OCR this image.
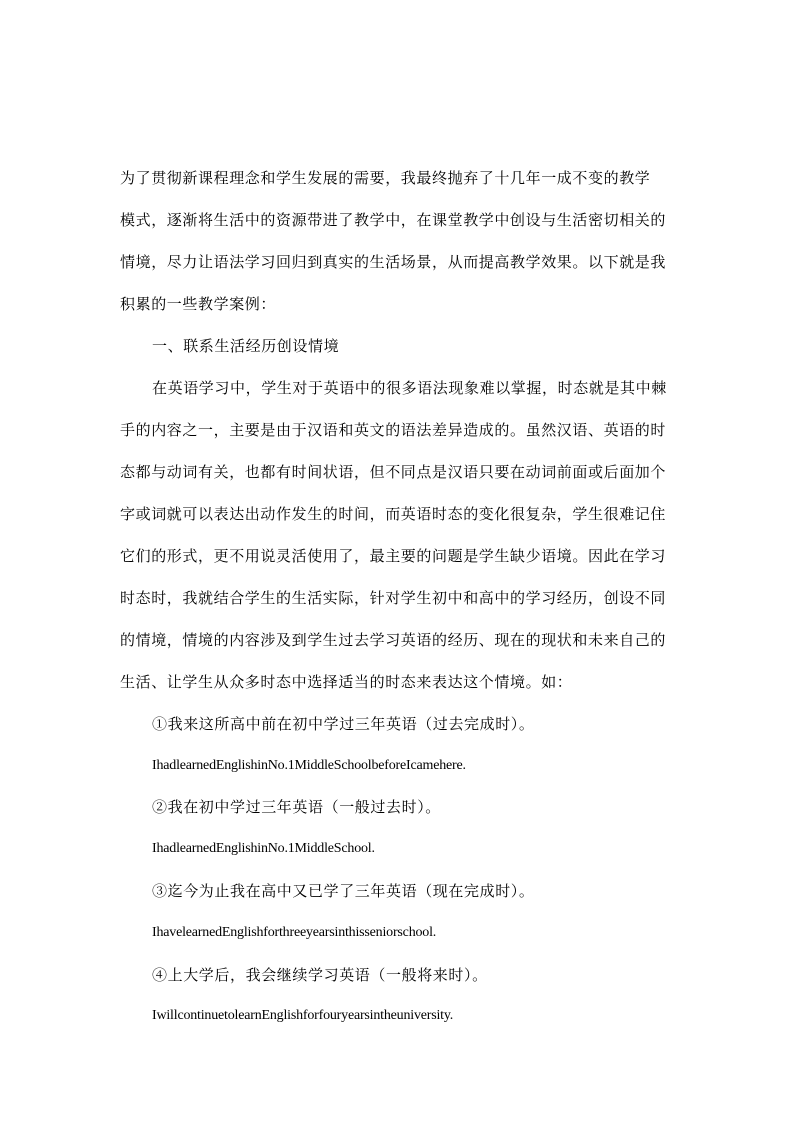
为了贯彻新课程理念和学生发展的需要，我最终抛弃了十几年一成不变的教学
模式，逐渐将生活中的资源带进了教学中，在课堂教学中创设与生活密切相关的
情境，尽力让语法学习回归到真实的生活场景，从而提高教学效果。以下就是我
积累的一些教学案例：
一、联系生活经历创设情境
在英语学习中，学生对于英语中的很多语法现象难以掌握，时态就是其中棘
手的内容之一，主要是由于汉语和英文的语法差异造成的。虽然汉语、英语的时
态都与动词有关，也都有时间状语，但不同点是汉语只要在动词前面或后面加个
字或词就可以表达出动作发生的时间，而英语时态的变化很复杂，学生很难记住
它们的形式，更不用说灵活使用了，最主要的问题是学生缺少语境。因此在学习
时态时，我就结合学生的生活实际，针对学生初中和高中的学习经历，创设不同
的情境，情境的内容涉及到学生过去学习英语的经历、现在的现状和未来自己的
生活、让学生从众多时态中选择适当的时态来表达这个情境。如：
①我来这所高中前在初中学过三年英语（过去完成时）。
IhadlearnedEnglishinNo.1MiddleSchoolbeforeIcamehere.
②我在初中学过三年英语（一般过去时）。
IhadlearnedEnglishinNo.1MiddleSchool.
③迄今为止我在高中又已学了三年英语（现在完成时）。
IhavelearnedEnglishforthreeyearsinthisseniorschool.
④上大学后，我会继续学习英语（一般将来时）。
IwillcontinuetolearnEnglishforfouryearsintheuniversity.
